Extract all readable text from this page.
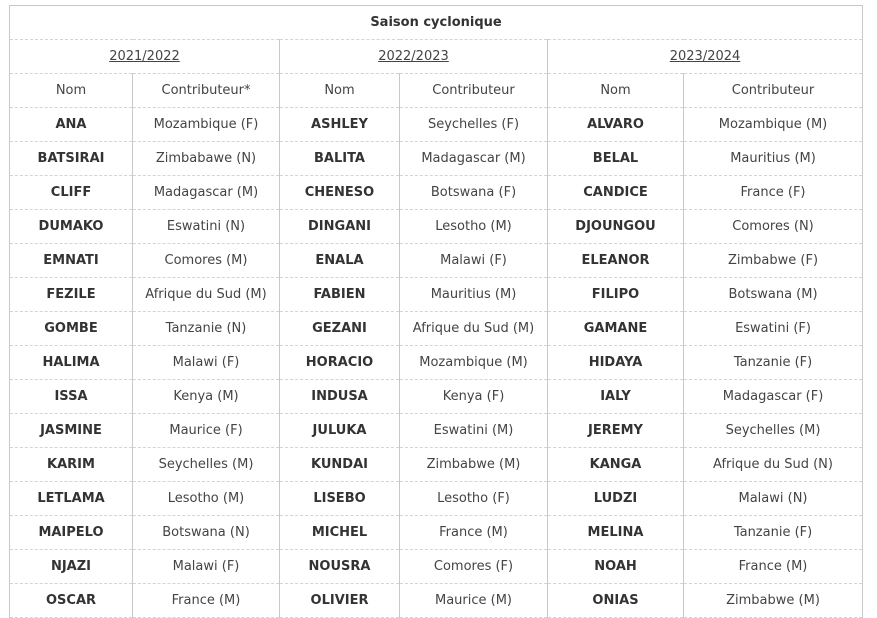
Saison cyclonique					
2021/2022		2022/2023		2023/2024	
Nom	Contributeur*	Nom	Contributeur	Nom	Contributeur
ANA	Mozambique (F)	ASHLEY	Seychelles (F)	ALVARO	Mozambique (M)
BATSIRAI	Zimbabawe (N)	BALITA	Madagascar (M)	BELAL	Mauritius (M)
CLIFF	Madagascar (M)	CHENESO	Botswana (F)	CANDICE	France (F)
DUMAKO	Eswatini (N)	DINGANI	Lesotho (M)	DJOUNGOU	Comores (N)
EMNATI	Comores (M)	ENALA	Malawi (F)	ELEANOR	Zimbabwe (F)
FEZILE	Afrique du Sud (M)	FABIEN	Mauritius (M)	FILIPO	Botswana (M)
GOMBE	Tanzanie (N)	GEZANI	Afrique du Sud (M)	GAMANE	Eswatini (F)
HALIMA	Malawi (F)	HORACIO	Mozambique (M)	HIDAYA	Tanzanie (F)
ISSA	Kenya (M)	INDUSA	Kenya (F)	IALY	Madagascar (F)
JASMINE	Maurice (F)	JULUKA	Eswatini (M)	JEREMY	Seychelles (M)
KARIM	Seychelles (M)	KUNDAI	Zimbabwe (M)	KANGA	Afrique du Sud (N)
LETLAMA	Lesotho (M)	LISEBO	Lesotho (F)	LUDZI	Malawi (N)
MAIPELO	Botswana (N)	MICHEL	France (M)	MELINA	Tanzanie (F)
NJAZI	Malawi (F)	NOUSRA	Comores (F)	NOAH	France (M)
OSCAR	France (M)	OLIVIER	Maurice (M)	ONIAS	Zimbabwe (M)
